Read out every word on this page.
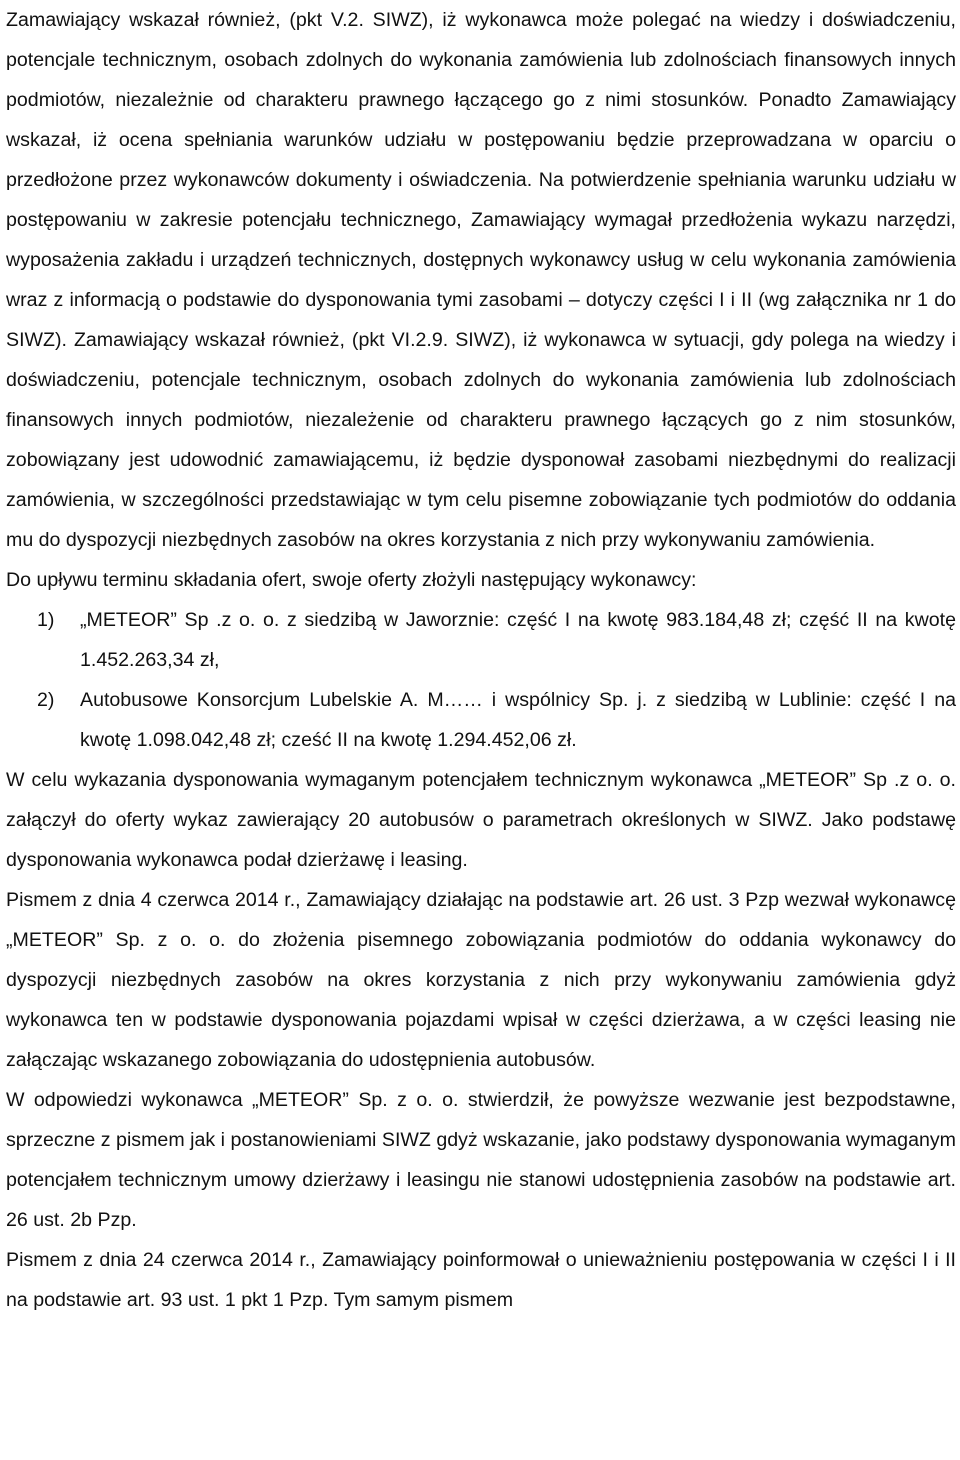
Zamawiający wskazał również, (pkt V.2. SIWZ), iż wykonawca może polegać na wiedzy i doświadczeniu, potencjale technicznym, osobach zdolnych do wykonania zamówienia lub zdolnościach finansowych innych podmiotów, niezależnie od charakteru prawnego łączącego go z nimi stosunków. Ponadto Zamawiający wskazał, iż ocena spełniania warunków udziału w postępowaniu będzie przeprowadzana w oparciu o przedłożone przez wykonawców dokumenty i oświadczenia. Na potwierdzenie spełniania warunku udziału w postępowaniu w zakresie potencjału technicznego, Zamawiający wymagał przedłożenia wykazu narzędzi, wyposażenia zakładu i urządzeń technicznych, dostępnych wykonawcy usług w celu wykonania zamówienia wraz z informacją o podstawie do dysponowania tymi zasobami – dotyczy części I i II (wg załącznika nr 1 do SIWZ). Zamawiający wskazał również, (pkt VI.2.9. SIWZ), iż wykonawca w sytuacji, gdy polega na wiedzy i doświadczeniu, potencjale technicznym, osobach zdolnych do wykonania zamówienia lub zdolnościach finansowych innych podmiotów, niezależenie od charakteru prawnego łączących go z nim stosunków, zobowiązany jest udowodnić zamawiającemu, iż będzie dysponował zasobami niezbędnymi do realizacji zamówienia, w szczególności przedstawiając w tym celu pisemne zobowiązanie tych podmiotów do oddania mu do dyspozycji niezbędnych zasobów na okres korzystania z nich przy wykonywaniu zamówienia.

Do upływu terminu składania ofert, swoje oferty złożyli następujący wykonawcy:

1) „METEOR” Sp .z o. o. z siedzibą w Jaworznie: część I na kwotę 983.184,48 zł; część II na kwotę 1.452.263,34 zł,
2) Autobusowe Konsorcjum Lubelskie A. M…… i wspólnicy Sp. j. z siedzibą w Lublinie: część I na kwotę 1.098.042,48 zł; cześć II na kwotę 1.294.452,06 zł.

W celu wykazania dysponowania wymaganym potencjałem technicznym wykonawca „METEOR” Sp .z o. o. załączył do oferty wykaz zawierający 20 autobusów o parametrach określonych w SIWZ. Jako podstawę dysponowania wykonawca podał dzierżawę i leasing.

Pismem z dnia 4 czerwca 2014 r., Zamawiający działając na podstawie art. 26 ust. 3 Pzp wezwał wykonawcę „METEOR” Sp. z o. o. do złożenia pisemnego zobowiązania podmiotów do oddania wykonawcy do dyspozycji niezbędnych zasobów na okres korzystania z nich przy wykonywaniu zamówienia gdyż wykonawca ten w podstawie dysponowania pojazdami wpisał w części dzierżawa, a w części leasing nie załączając wskazanego zobowiązania do udostępnienia autobusów.

W odpowiedzi wykonawca „METEOR” Sp. z o. o. stwierdził, że powyższe wezwanie jest bezpodstawne, sprzeczne z pismem jak i postanowieniami SIWZ gdyż wskazanie, jako podstawy dysponowania wymaganym potencjałem technicznym umowy dzierżawy i leasingu nie stanowi udostępnienia zasobów na podstawie art. 26 ust. 2b Pzp.

Pismem z dnia 24 czerwca 2014 r., Zamawiający poinformował o unieważnieniu postępowania w części I i II na podstawie art. 93 ust. 1 pkt 1 Pzp. Tym samym pismem
